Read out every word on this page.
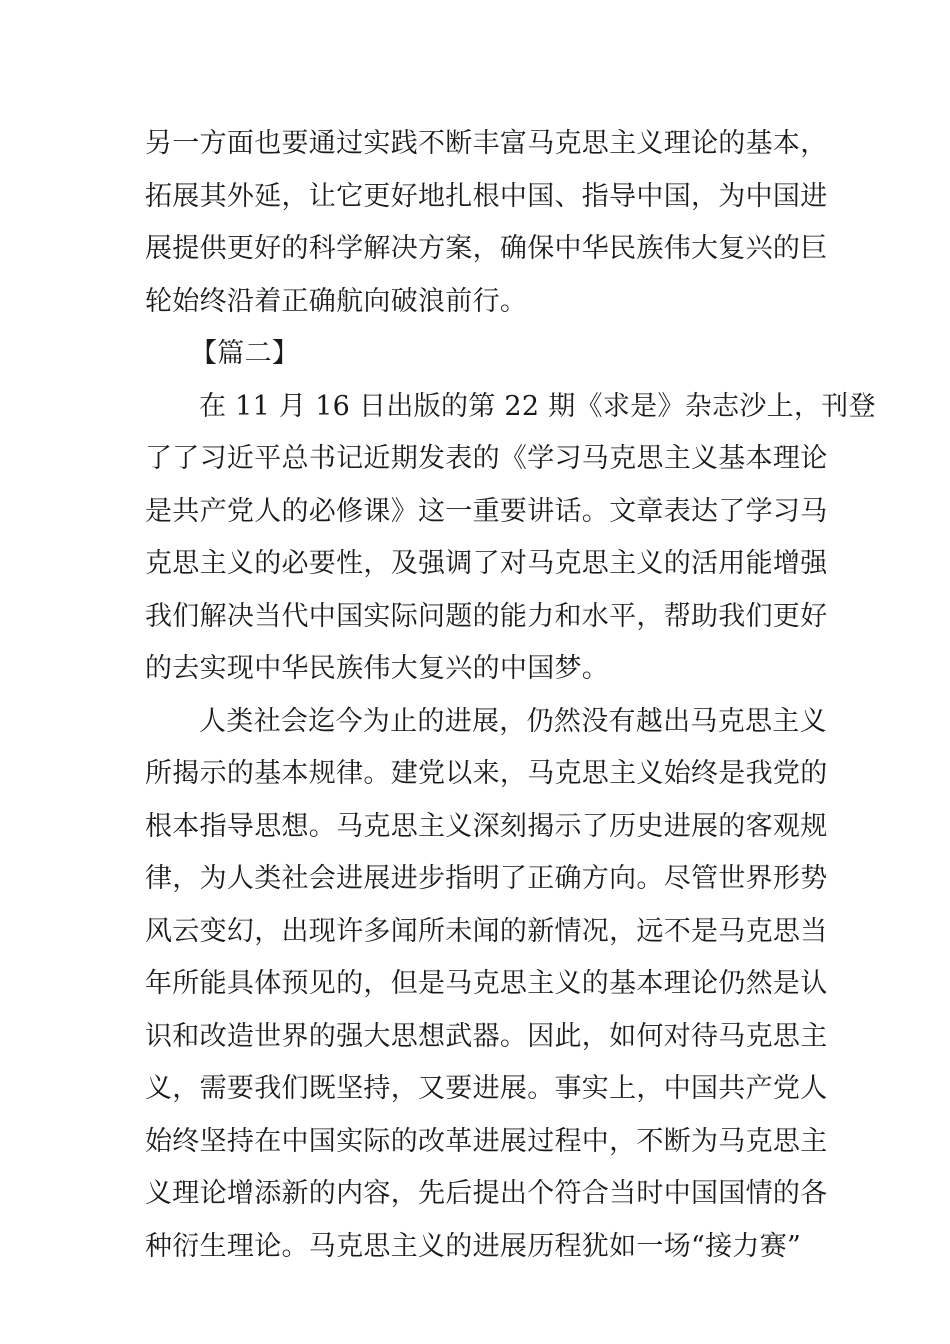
另一方面也要通过实践不断丰富马克思主义理论的基本，
拓展其外延，让它更好地扎根中国、指导中国，为中国进
展提供更好的科学解决方案，确保中华民族伟大复兴的巨
轮始终沿着正确航向破浪前行。
【篇二】
在 11 月 16 日出版的第 22 期《求是》杂志沙上，刊登
了了习近平总书记近期发表的《学习马克思主义基本理论
是共产党人的必修课》这一重要讲话。文章表达了学习马
克思主义的必要性，及强调了对马克思主义的活用能增强
我们解决当代中国实际问题的能力和水平，帮助我们更好
的去实现中华民族伟大复兴的中国梦。
人类社会迄今为止的进展，仍然没有越出马克思主义
所揭示的基本规律。建党以来，马克思主义始终是我党的
根本指导思想。马克思主义深刻揭示了历史进展的客观规
律，为人类社会进展进步指明了正确方向。尽管世界形势
风云变幻，出现许多闻所未闻的新情况，远不是马克思当
年所能具体预见的，但是马克思主义的基本理论仍然是认
识和改造世界的强大思想武器。因此，如何对待马克思主
义，需要我们既坚持，又要进展。事实上，中国共产党人
始终坚持在中国实际的改革进展过程中，不断为马克思主
义理论增添新的内容，先后提出个符合当时中国国情的各
种衍生理论。马克思主义的进展历程犹如一场“接力赛”
